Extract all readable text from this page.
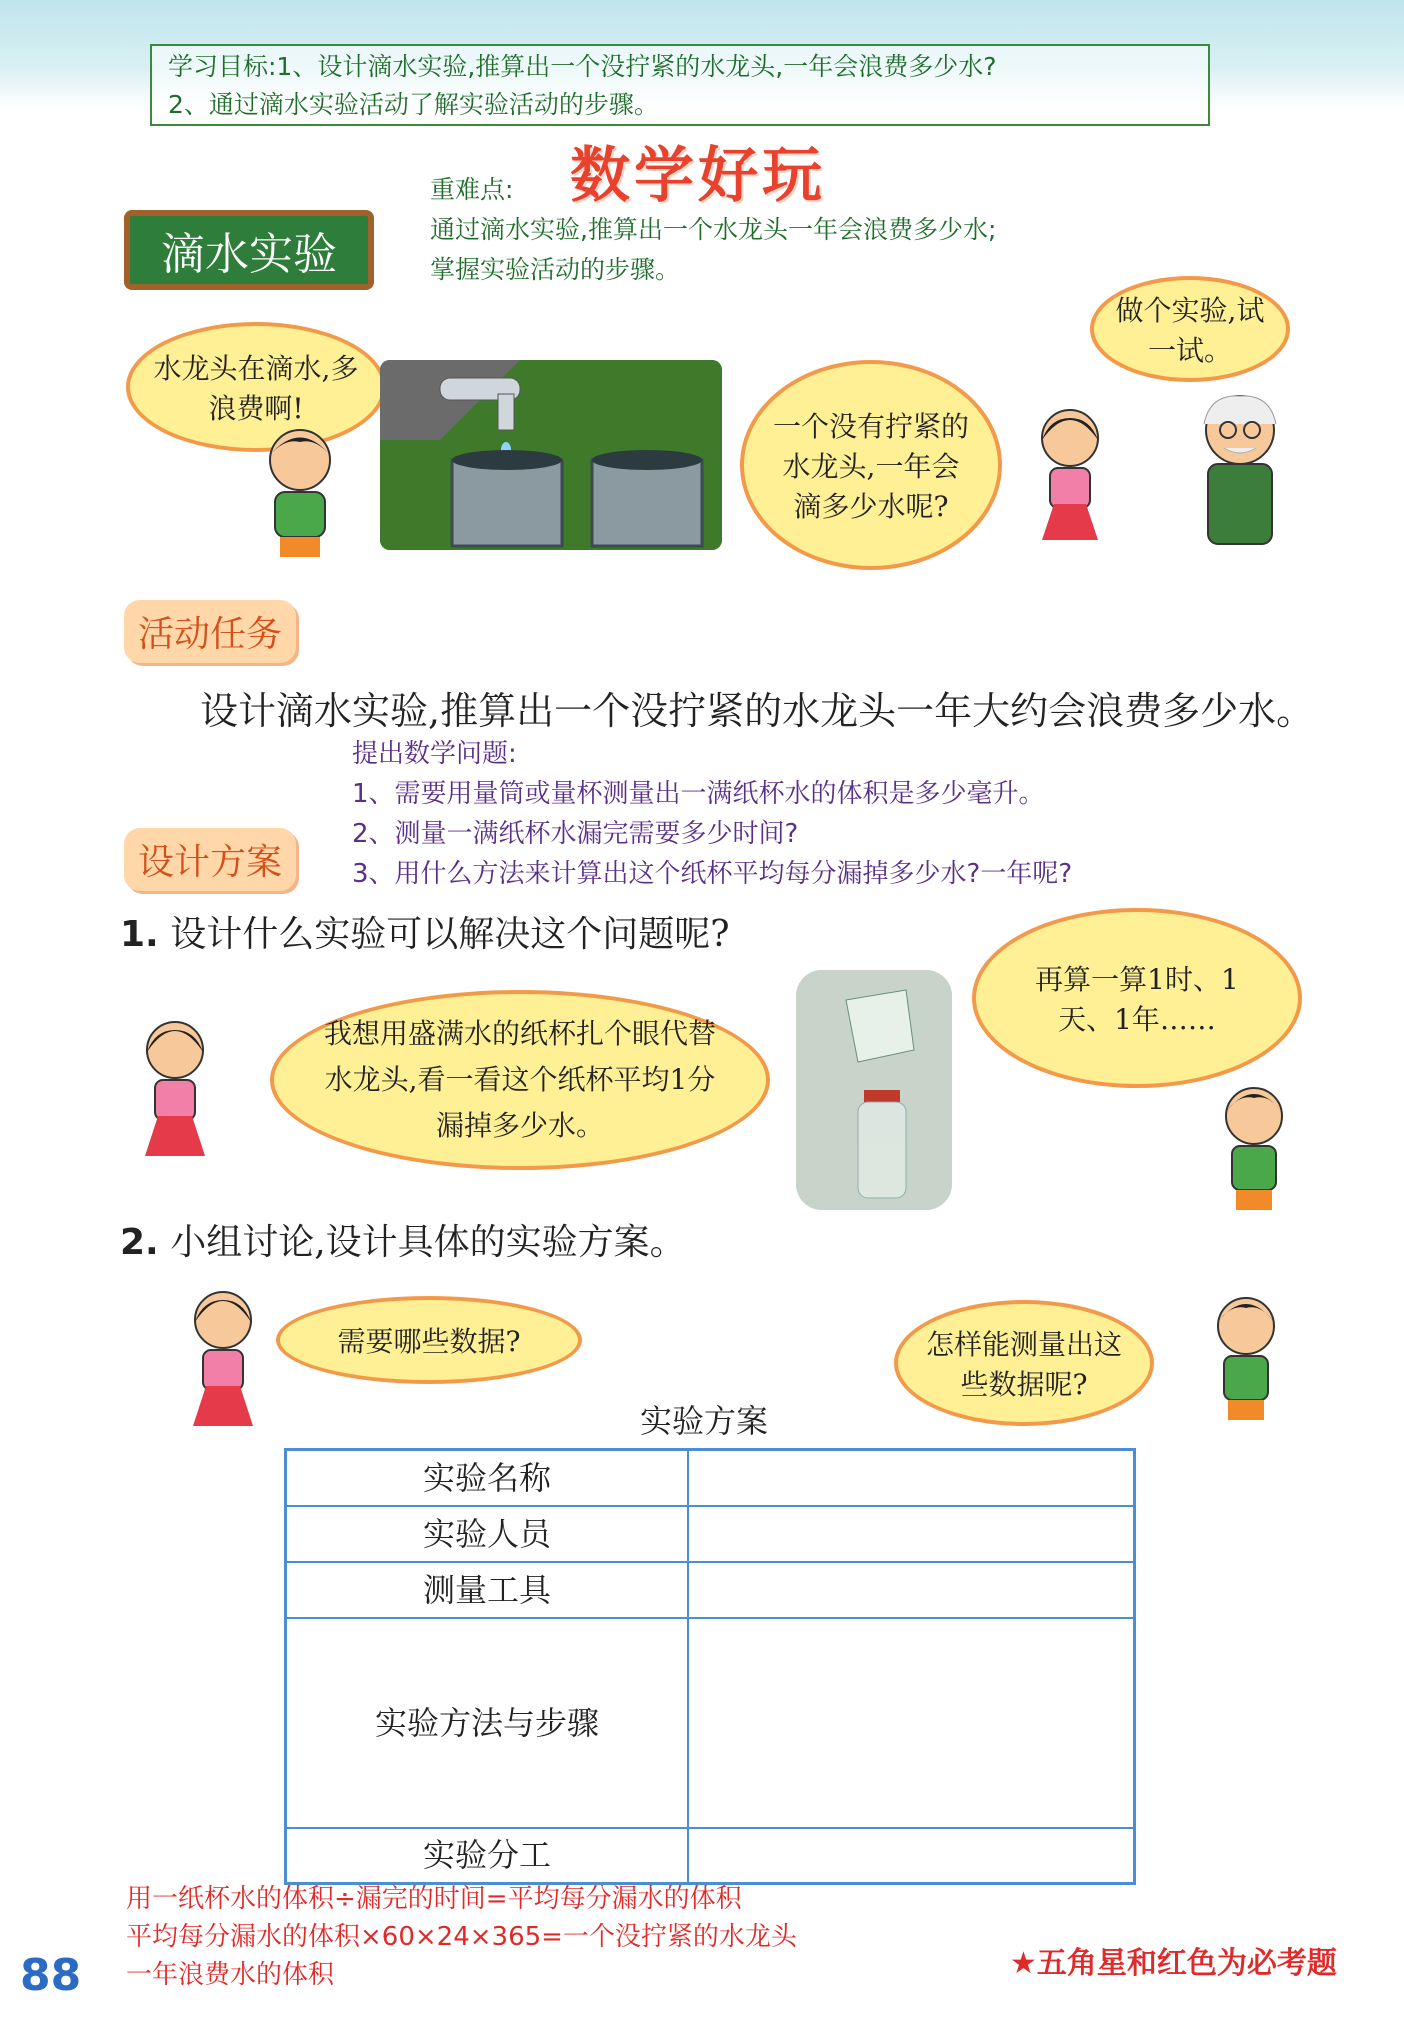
学习目标:1、设计滴水实验,推算出一个没拧紧的水龙头,一年会浪费多少水?
2、通过滴水实验活动了解实验活动的步骤。
数学好玩
重难点:
通过滴水实验,推算出一个水龙头一年会浪费多少水;
掌握实验活动的步骤。
滴水实验
水龙头在滴水,多浪费啊!
一个没有拧紧的水龙头,一年会滴多少水呢?
做个实验,试一试。
活动任务
设计滴水实验,推算出一个没拧紧的水龙头一年大约会浪费多少水。
提出数学问题:
1、需要用量筒或量杯测量出一满纸杯水的体积是多少毫升。
2、测量一满纸杯水漏完需要多少时间?
3、用什么方法来计算出这个纸杯平均每分漏掉多少水?一年呢?
设计方案
1. 设计什么实验可以解决这个问题呢?
我想用盛满水的纸杯扎个眼代替水龙头,看一看这个纸杯平均1分漏掉多少水。
再算一算1时、1天、1年……
2. 小组讨论,设计具体的实验方案。
需要哪些数据?	怎样能测量出这些数据呢?
实验方案
实验名称	
实验人员	
测量工具	
实验方法与步骤	
实验分工	
用一纸杯水的体积÷漏完的时间=平均每分漏水的体积
平均每分漏水的体积×60×24×365=一个没拧紧的水龙头
一年浪费水的体积
88	★五角星和红色为必考题
